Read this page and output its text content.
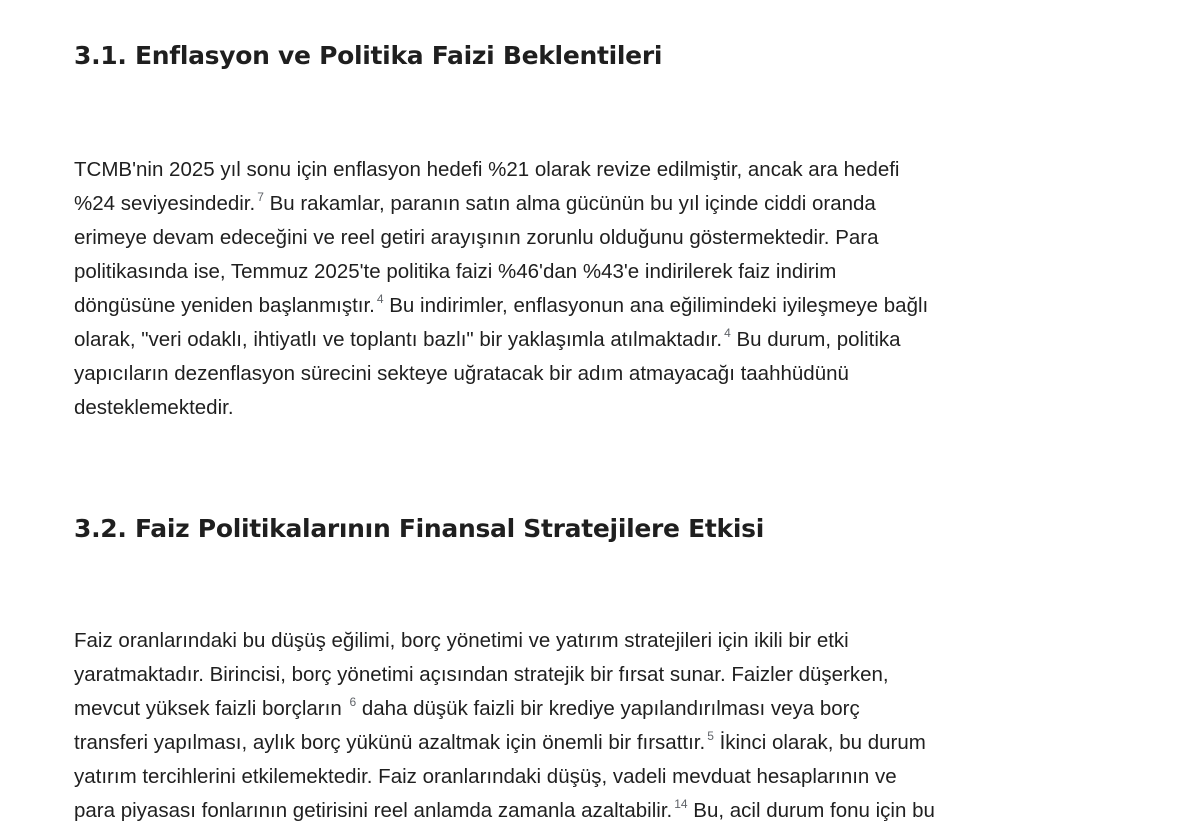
3.1. Enflasyon ve Politika Faizi Beklentileri
TCMB'nin 2025 yıl sonu için enflasyon hedefi %21 olarak revize edilmiştir, ancak ara hedefi
%24 seviyesindedir. $^7$ Bu rakamlar, paranın satın alma gücünün bu yıl içinde ciddi oranda
erimeye devam edeceğini ve reel getiri arayışının zorunlu olduğunu göstermektedir. Para
politikasında ise, Temmuz 2025'te politika faizi %46'dan %43'e indirilerek faiz indirim
döngüsüne yeniden başlanmıştır. $^4$ Bu indirimler, enflasyonun ana eğilimindeki iyileşmeye bağlı
olarak, "veri odaklı, ihtiyatlı ve toplantı bazlı" bir yaklaşımla atılmaktadır. $^4$ Bu durum, politika
yapıcıların dezenflasyon sürecini sekteye uğratacak bir adım atmayacağı taahhüdünü
desteklemektedir.
3.2. Faiz Politikalarının Finansal Stratejilere Etkisi
Faiz oranlarındaki bu düşüş eğilimi, borç yönetimi ve yatırım stratejileri için ikili bir etki
yaratmaktadır. Birincisi, borç yönetimi açısından stratejik bir fırsat sunar. Faizler düşerken,
mevcut yüksek faizli borçların $^6$ daha düşük faizli bir krediye yapılandırılması veya borç
transferi yapılması, aylık borç yükünü azaltmak için önemli bir fırsattır. $^5$ İkinci olarak, bu durum
yatırım tercihlerini etkilemektedir. Faiz oranlarındaki düşüş, vadeli mevduat hesaplarının ve
para piyasası fonlarının getirisini reel anlamda zamanla azaltabilir. $^{14}$ Bu, acil durum fonu için bu
